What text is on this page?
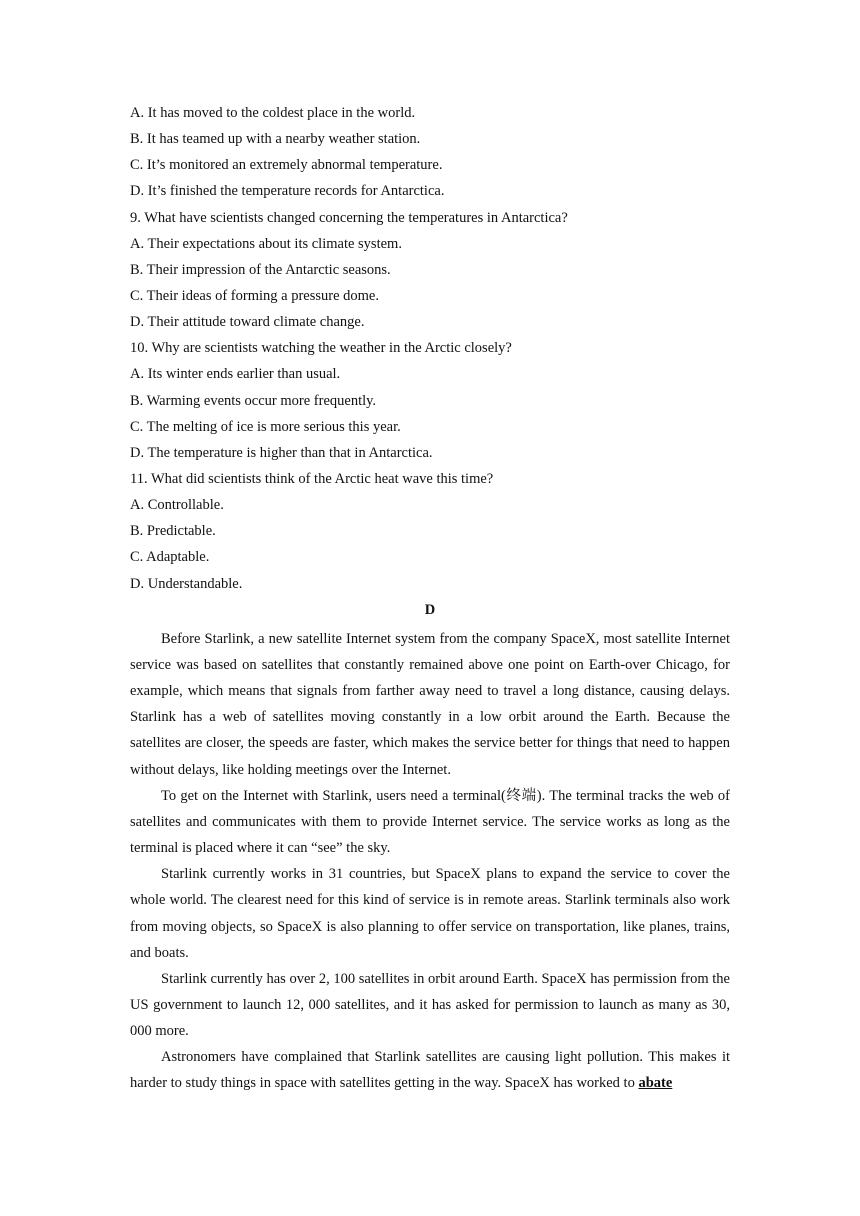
A. It has moved to the coldest place in the world.

B. It has teamed up with a nearby weather station.

C. It’s monitored an extremely abnormal temperature.

D. It’s finished the temperature records for Antarctica.

9. What have scientists changed concerning the temperatures in Antarctica?

A. Their expectations about its climate system.

B. Their impression of the Antarctic seasons.

C. Their ideas of forming a pressure dome.

D. Their attitude toward climate change.

10. Why are scientists watching the weather in the Arctic closely?

A. Its winter ends earlier than usual.

B. Warming events occur more frequently.

C. The melting of ice is more serious this year.

D. The temperature is higher than that in Antarctica.

11. What did scientists think of the Arctic heat wave this time?

A. Controllable.

B. Predictable.

C. Adaptable.

D. Understandable.

D

Before Starlink, a new satellite Internet system from the company SpaceX, most satellite Internet service was based on satellites that constantly remained above one point on Earth-over Chicago, for example, which means that signals from farther away need to travel a long distance, causing delays. Starlink has a web of satellites moving constantly in a low orbit around the Earth. Because the satellites are closer, the speeds are faster, which makes the service better for things that need to happen without delays, like holding meetings over the Internet.

To get on the Internet with Starlink, users need a terminal(终端). The terminal tracks the web of satellites and communicates with them to provide Internet service. The service works as long as the terminal is placed where it can “see” the sky.

Starlink currently works in 31 countries, but SpaceX plans to expand the service to cover the whole world. The clearest need for this kind of service is in remote areas. Starlink terminals also work from moving objects, so SpaceX is also planning to offer service on transportation, like planes, trains, and boats.

Starlink currently has over 2, 100 satellites in orbit around Earth. SpaceX has permission from the US government to launch 12, 000 satellites, and it has asked for permission to launch as many as 30, 000 more.

Astronomers have complained that Starlink satellites are causing light pollution. This makes it harder to study things in space with satellites getting in the way. SpaceX has worked to abate
